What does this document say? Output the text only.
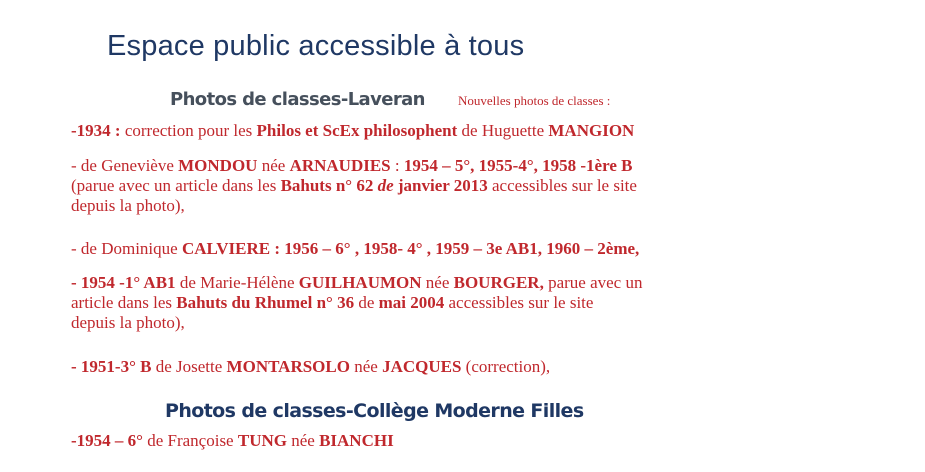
Espace public accessible à tous
Photos de classes-Laveran	Nouvelles photos de classes :
-1934 : correction pour les Philos et ScEx philosophent de Huguette MANGION
- de Geneviève MONDOU née ARNAUDIES : 1954 – 5°, 1955-4°, 1958 -1ère B
(parue avec un article dans les Bahuts n° 62 de janvier 2013 accessibles sur le site
depuis la photo),
- de Dominique CALVIERE : 1956 – 6° , 1958- 4° , 1959 – 3e AB1, 1960 – 2ème,
- 1954 -1° AB1 de Marie-Hélène GUILHAUMON née BOURGER, parue avec un
article dans les Bahuts du Rhumel n° 36 de mai 2004 accessibles sur le site
depuis la photo),
- 1951-3° B de Josette MONTARSOLO née JACQUES (correction),
Photos de classes-Collège Moderne Filles
-1954 – 6° de Françoise TUNG née BIANCHI
